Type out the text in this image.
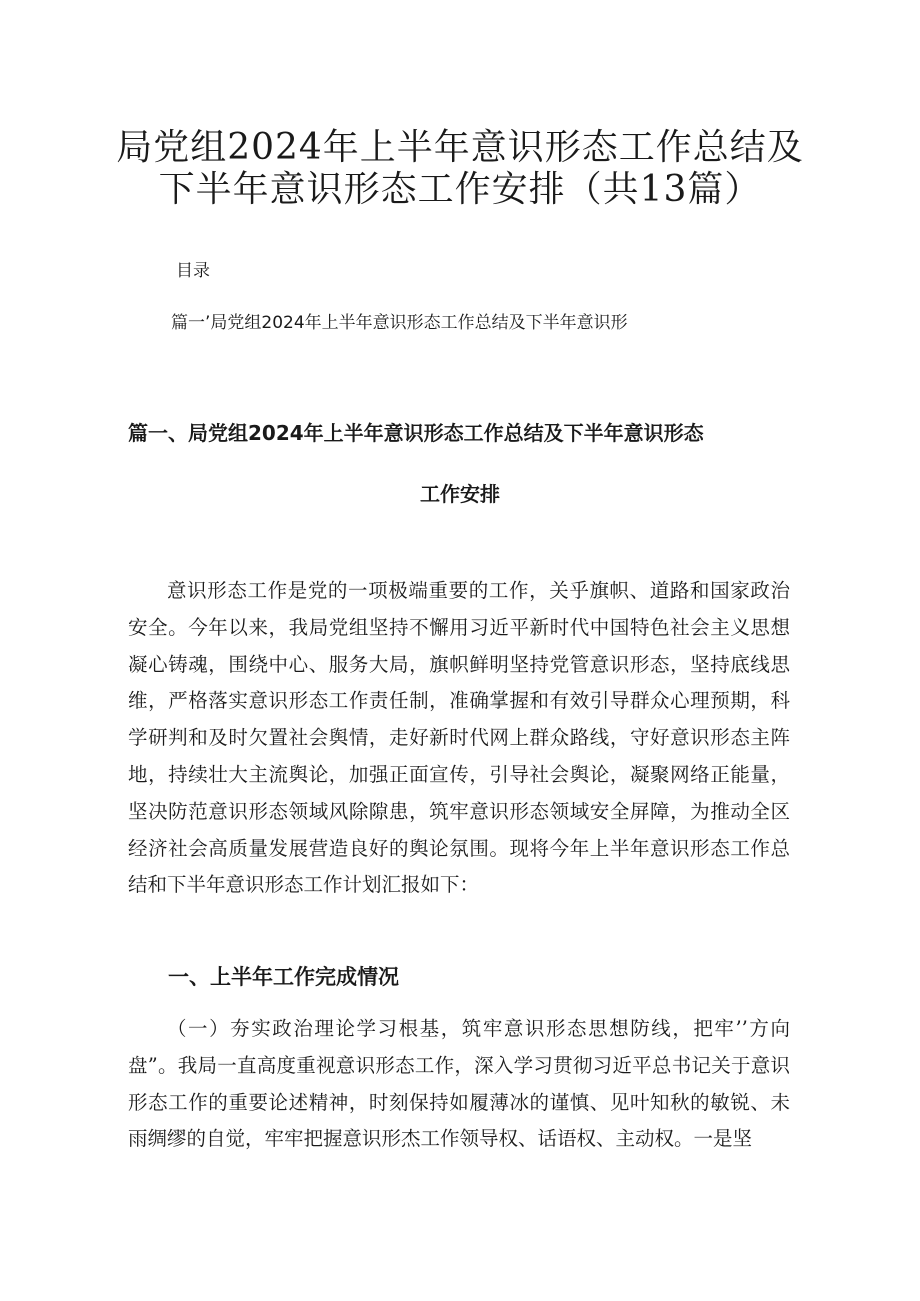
局党组2024年上半年意识形态工作总结及
下半年意识形态工作安排（共13篇）
目录
篇一’局党组2024年上半年意识形态工作总结及下半年意识形
篇一、局党组2024年上半年意识形态工作总结及下半年意识形态
工作安排

意识形态工作是党的一项极端重要的工作，关乎旗帜、道路和国家政治安全。今年以来，我局党组坚持不懈用习近平新时代中国特色社会主义思想凝心铸魂，围绕中心、服务大局，旗帜鲜明坚持党管意识形态，坚持底线思维，严格落实意识形态工作责任制，准确掌握和有效引导群众心理预期，科学研判和及时欠置社会舆情，走好新时代网上群众路线，守好意识形态主阵地，持续壮大主流舆论，加强正面宣传，引导社会舆论，凝聚网络正能量，坚决防范意识形态领域风除隙患，筑牢意识形态领域安全屏障，为推动全区经济社会高质量发展营造良好的舆论氛围。现将今年上半年意识形态工作总结和下半年意识形态工作计划汇报如下：

一、上半年工作完成情况

（一）夯实政治理论学习根基，筑牢意识形态思想防线，把牢’’方向盘”。我局一直高度重视意识形态工作，深入学习贯彻习近平总书记关于意识形态工作的重要论述精神，时刻保持如履薄冰的谨慎、见叶知秋的敏锐、未雨绸缪的自觉，牢牢把握意识形杰工作领导权、话语权、主动权。一是坚
